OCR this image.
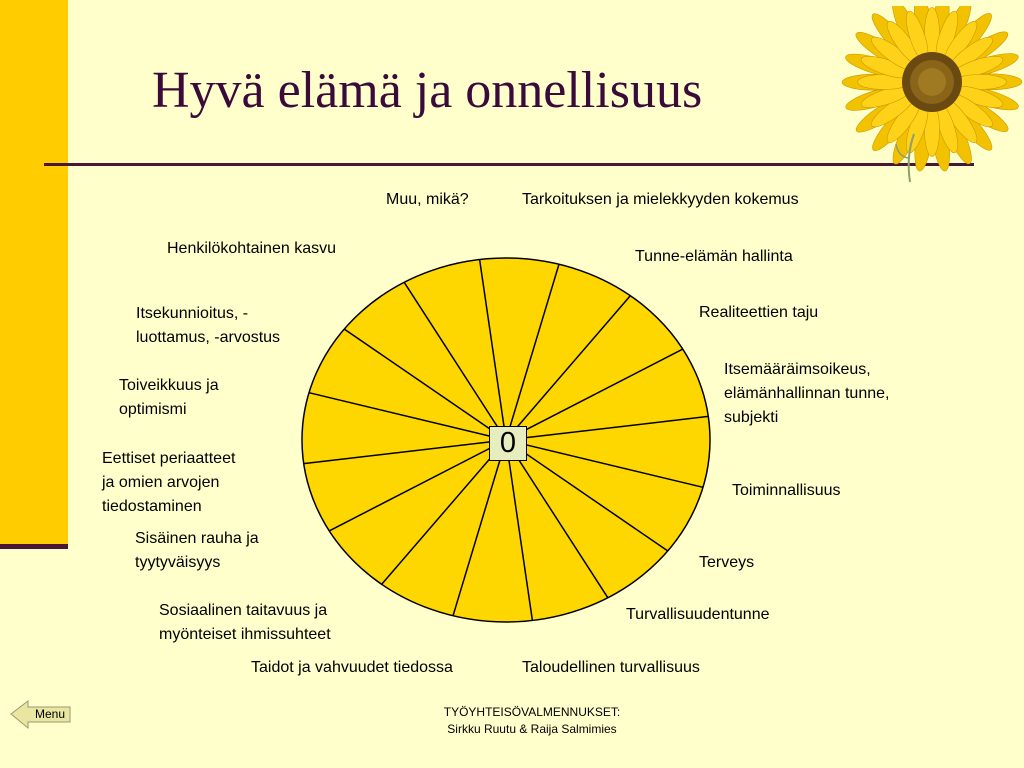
Hyvä elämä ja onnellisuus
0
Muu, mikä?	Tarkoituksen ja mielekkyyden kokemus
Tunne-elämän hallinta
Realiteettien taju
Itsemääräimsoikeus,
elämänhallinnan tunne,
subjekti
Toiminnallisuus
Terveys
Turvallisuudentunne
Taloudellinen turvallisuus
Taidot ja vahvuudet tiedossa
Sosiaalinen taitavuus ja
myönteiset ihmissuhteet
Sisäinen rauha ja
tyytyväisyys
Eettiset periaatteet
ja omien arvojen
tiedostaminen
Toiveikkuus ja
optimismi
Itsekunnioitus, -
luottamus, -arvostus
Henkilökohtainen kasvu
Menu	TYÖYHTEISÖVALMENNUKSET:
Sirkku Ruutu & Raija Salmimies
